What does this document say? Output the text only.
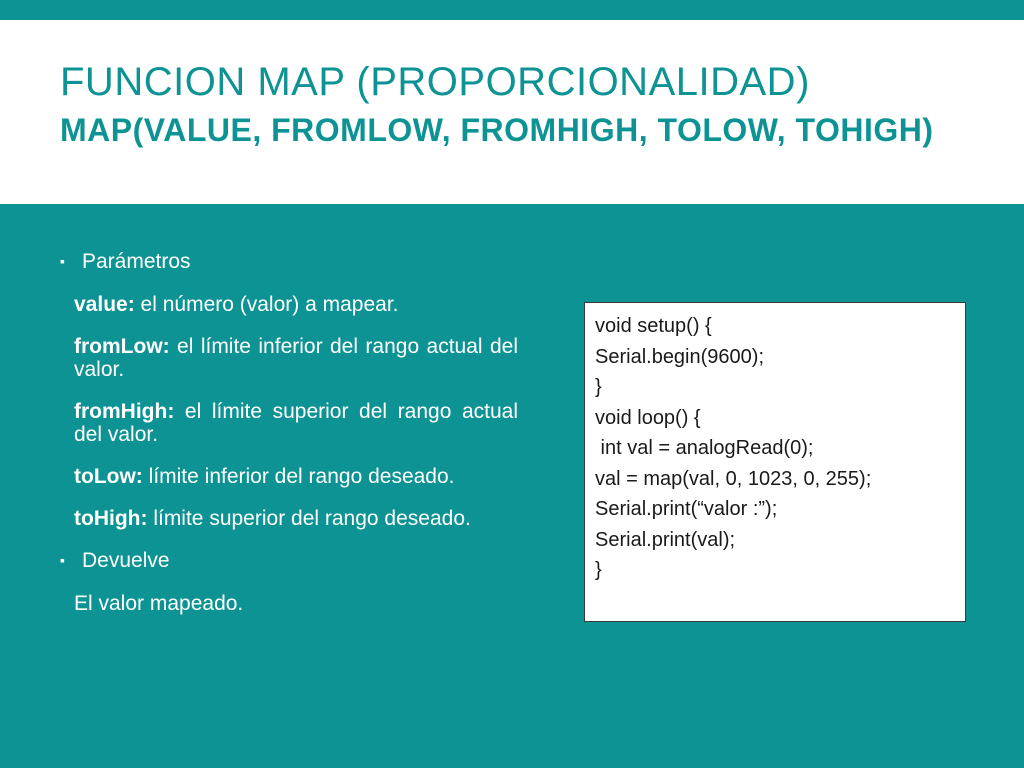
FUNCION MAP (PROPORCIONALIDAD)
MAP(VALUE, FROMLOW, FROMHIGH, TOLOW, TOHIGH)
▪ Parámetros
value: el número (valor) a mapear.
fromLow: el límite inferior del rango actual del valor.
fromHigh: el límite superior del rango actual del valor.
toLow: límite inferior del rango deseado.
toHigh: límite superior del rango deseado.
▪ Devuelve
El valor mapeado.
void setup() {
Serial.begin(9600);
}
void loop() {
int val = analogRead(0);
val = map(val, 0, 1023, 0, 255);
Serial.print(“valor :”);
Serial.print(val);
}
